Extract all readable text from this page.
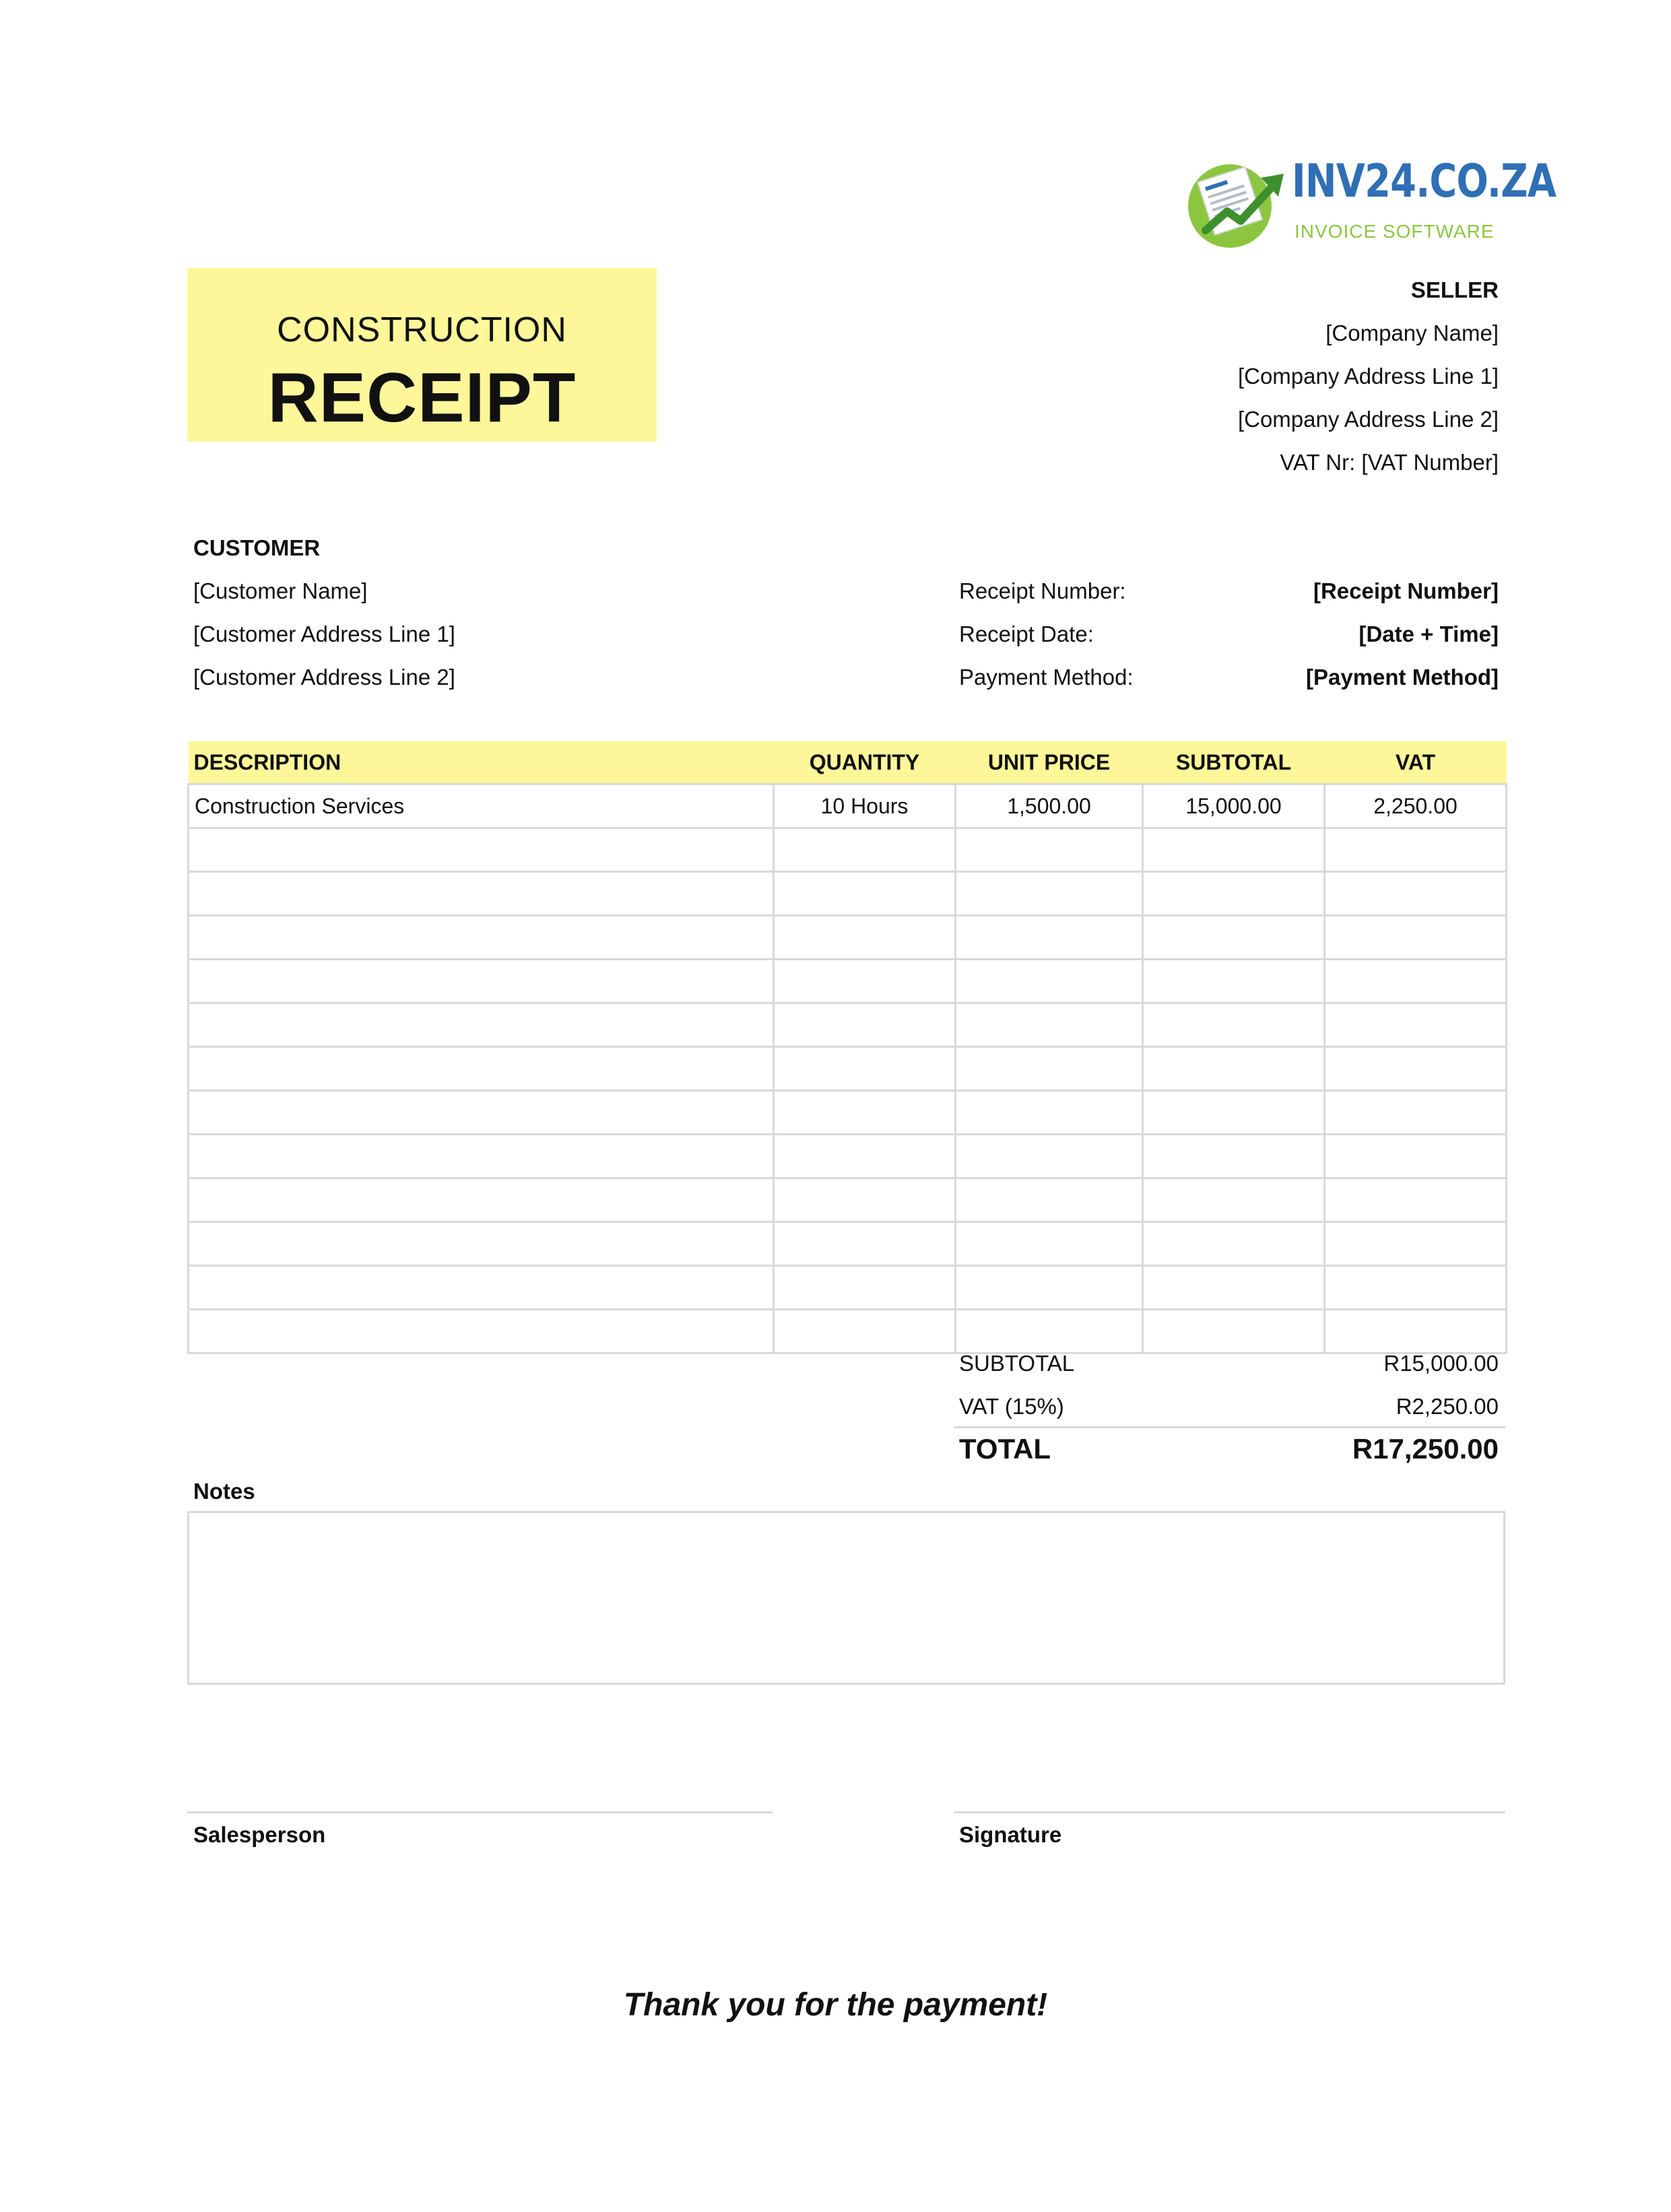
INV24.CO.ZA
INVOICE SOFTWARE
CONSTRUCTION
RECEIPT
SELLER
[Company Name]
[Company Address Line 1]
[Company Address Line 2]
VAT Nr: [VAT Number]
CUSTOMER
[Customer Name]
[Customer Address Line 1]
[Customer Address Line 2]
Receipt Number:	[Receipt Number]
Receipt Date:	[Date + Time]
Payment Method:	[Payment Method]
DESCRIPTION	QUANTITY	UNIT PRICE	SUBTOTAL	VAT
Construction Services	10 Hours	1,500.00	15,000.00	2,250.00

SUBTOTAL	R15,000.00
VAT (15%)	R2,250.00
TOTAL	R17,250.00
Notes
Salesperson	Signature
Thank you for the payment!
